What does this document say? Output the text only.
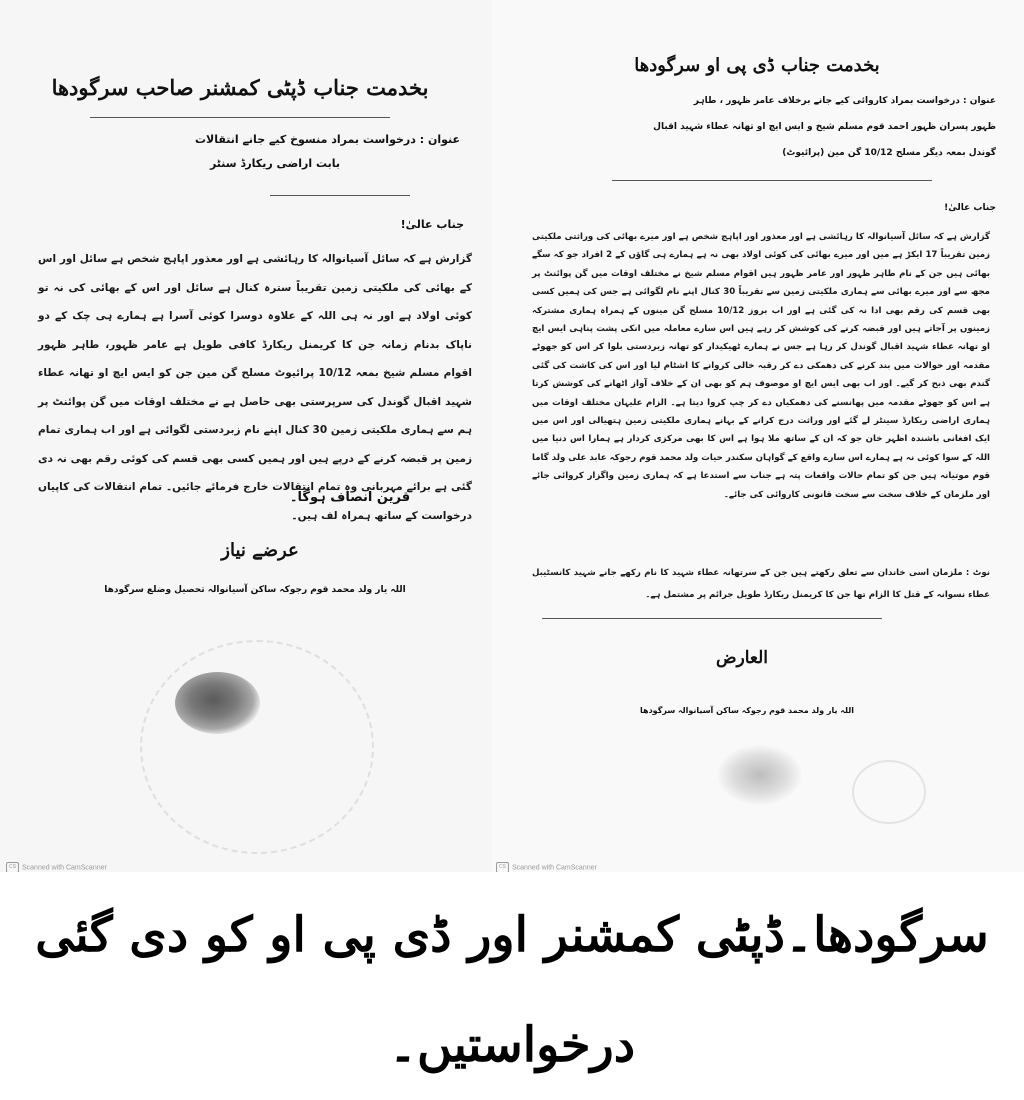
بخدمت جناب ڈپٹی کمشنر صاحب سرگودھا
عنوان : درخواست بمراد منسوخ کیے جانے انتقالات
بابت اراضی ریکارڈ سنٹر
جناب عالیٰ!
گزارش ہے کہ سائل آسیانوالہ کا رہائشی ہے اور معذور اپاہج شخص ہے سائل اور اس کے بھائی کی ملکیتی زمین تقریباً سترہ کنال ہے سائل اور اس کے بھائی کی نہ تو کوئی اولاد ہے اور نہ ہی اللہ کے علاوہ دوسرا کوئی آسرا ہے ہمارے ہی چک کے دو ناپاک بدنام زمانہ جن کا کریمنل ریکارڈ کافی طویل ہے عامر ظہور، طاہر ظہور اقوام مسلم شیخ بمعہ 10/12 پرائیوٹ مسلح گن مین جن کو ایس ایچ او تھانہ عطاء شہید اقبال گوندل کی سرپرستی بھی حاصل ہے نے مختلف اوقات میں گن پوائنٹ پر ہم سے ہماری ملکیتی زمین 30 کنال اپنے نام زبردستی لگوائی ہے اور اب ہماری تمام زمین پر قبضہ کرنے کے درپے ہیں اور ہمیں کسی بھی قسم کی کوئی رقم بھی نہ دی گئی ہے برائے مہربانی وہ تمام انتقالات خارج فرمائے جائیں۔ تمام انتقالات کی کاپیاں درخواست کے ساتھ ہمراہ لف ہیں۔
قرین انصاف ہوگا۔
عرضے نیاز
اللہ یار ولد محمد قوم رجوکہ ساکن آسیانوالہ تحصیل وضلع سرگودھا
CS Scanned with CamScanner
بخدمت جناب ڈی پی او سرگودھا
عنوان : درخواست بمراد کاروائی کیے جانے برخلاف عامر ظہور ، طاہر
ظہور پسران ظہور احمد قوم مسلم شیخ و ایس ایچ او تھانہ عطاء شہید اقبال
گوندل بمعہ دیگر مسلح 10/12 گن مین (پرائیوٹ)
جناب عالیٰ!
گزارش ہے کہ سائل آسیانوالہ کا رہائشی ہے اور معذور اور اپاہج شخص ہے اور میرے بھائی کی وراثتی ملکیتی زمین تقریباً 17 ایکڑ ہے میں اور میرے بھائی کی کوئی اولاد بھی نہ ہے ہمارے ہی گاؤں کے 2 افراد جو کہ سگے بھائی ہیں جن کے نام طاہر ظہور اور عامر ظہور ہیں اقوام مسلم شیخ نے مختلف اوقات میں گن پوائنٹ پر مجھ سے اور میرے بھائی سے ہماری ملکیتی زمین سے تقریباً 30 کنال اپنے نام لگوائی ہے جس کی ہمیں کسی بھی قسم کی رقم بھی ادا نہ کی گئی ہے اور اب بروز 10/12 مسلح گن مینوں کے ہمراہ ہماری مشترکہ زمینوں پر آجاتے ہیں اور قبضہ کرنے کی کوشش کر رہے ہیں اس سارے معاملہ میں انکی پشت پناہی ایس ایچ او تھانہ عطاء شہید اقبال گوندل کر رہا ہے جس نے ہمارے ٹھیکیدار کو تھانہ زبردستی بلوا کر اس کو جھوٹے مقدمہ اور حوالات میں بند کرنے کی دھمکی دے کر رقبہ خالی کروانے کا اشٹام لیا اور اس کی کاشت کی گئی گندم بھی ذبح کر گیے۔ اور اب بھی ایس ایچ او موصوف ہم کو بھی ان کے خلاف آواز اٹھانے کی کوشش کرتا ہے اس کو جھوٹے مقدمہ میں پھانسنے کی دھمکیاں دے کر چپ کروا دیتا ہے۔ الزام علیہان مختلف اوقات میں ہماری اراضی ریکارڈ سینٹر لے گئے اور وراثت درج کرانے کے بہانے ہماری ملکیتی زمین ہتھیالی اور اس میں ایک افغانی باشندہ اظہر خان جو کہ ان کے ساتھ ملا ہوا ہے اس کا بھی مرکزی کردار ہے ہمارا اس دنیا میں اللہ کے سوا کوئی نہ ہے ہمارے اس سارے واقع کے گواہان سکندر حیات ولد محمد قوم رجوکہ عابد علی ولد گاما قوم موتیانہ ہیں جن کو تمام حالات واقعات پتہ ہے جناب سے استدعا ہے کہ ہماری زمین واگزار کروائی جائے اور ملزمان کے خلاف سخت سے سخت قانونی کاروائی کی جائے۔
نوٹ : ملزمان اسی خاندان سے تعلق رکھتے ہیں جن کے سرتھانہ عطاء شہید کا نام رکھے جانے شہید کانسٹیبل عطاء نسوانہ کے قتل کا الزام تھا جن کا کریمنل ریکارڈ طویل جرائم پر مشتمل ہے۔
العارض
اللہ یار ولد محمد قوم رجوکہ ساکن آسیانوالہ سرگودھا
CS Scanned with CamScanner
سرگودھا۔ڈپٹی کمشنر اور ڈی پی او کو دی گئی درخواستیں۔
